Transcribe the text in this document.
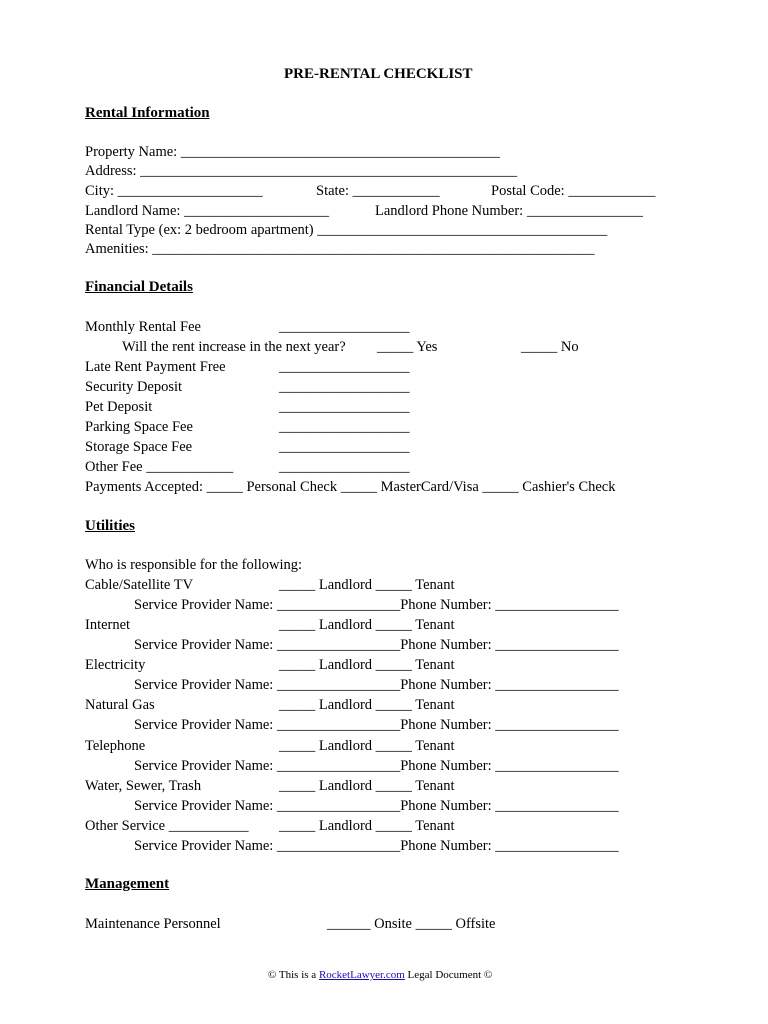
PRE-RENTAL CHECKLIST
Rental Information
Property Name: ____________________________________________
Address: ____________________________________________________
City: ____________________	State: ____________	Postal Code: ____________
Landlord Name: ____________________	Landlord Phone Number: ________________
Rental Type (ex: 2 bedroom apartment) ________________________________________
Amenities: _____________________________________________________________
Financial Details
Monthly Rental Fee	__________________
Will the rent increase in the next year? _____ Yes	_____ No
Late Rent Payment Free	__________________
Security Deposit	__________________
Pet Deposit	__________________
Parking Space Fee	__________________
Storage Space Fee	__________________
Other Fee ____________	__________________
Payments Accepted: _____ Personal Check _____ MasterCard/Visa _____ Cashier's Check
Utilities
Who is responsible for the following:
Cable/Satellite TV	_____ Landlord _____ Tenant
Service Provider Name: _________________Phone Number: _________________
Internet	_____ Landlord _____ Tenant
Service Provider Name: _________________Phone Number: _________________
Electricity	_____ Landlord _____ Tenant
Service Provider Name: _________________Phone Number: _________________
Natural Gas	_____ Landlord _____ Tenant
Service Provider Name: _________________Phone Number: _________________
Telephone	_____ Landlord _____ Tenant
Service Provider Name: _________________Phone Number: _________________
Water, Sewer, Trash	_____ Landlord _____ Tenant
Service Provider Name: _________________Phone Number: _________________
Other Service ___________ _____ Landlord _____ Tenant
Service Provider Name: _________________Phone Number: _________________
Management
Maintenance Personnel	______ Onsite _____ Offsite
© This is a RocketLawyer.com Legal Document ©
